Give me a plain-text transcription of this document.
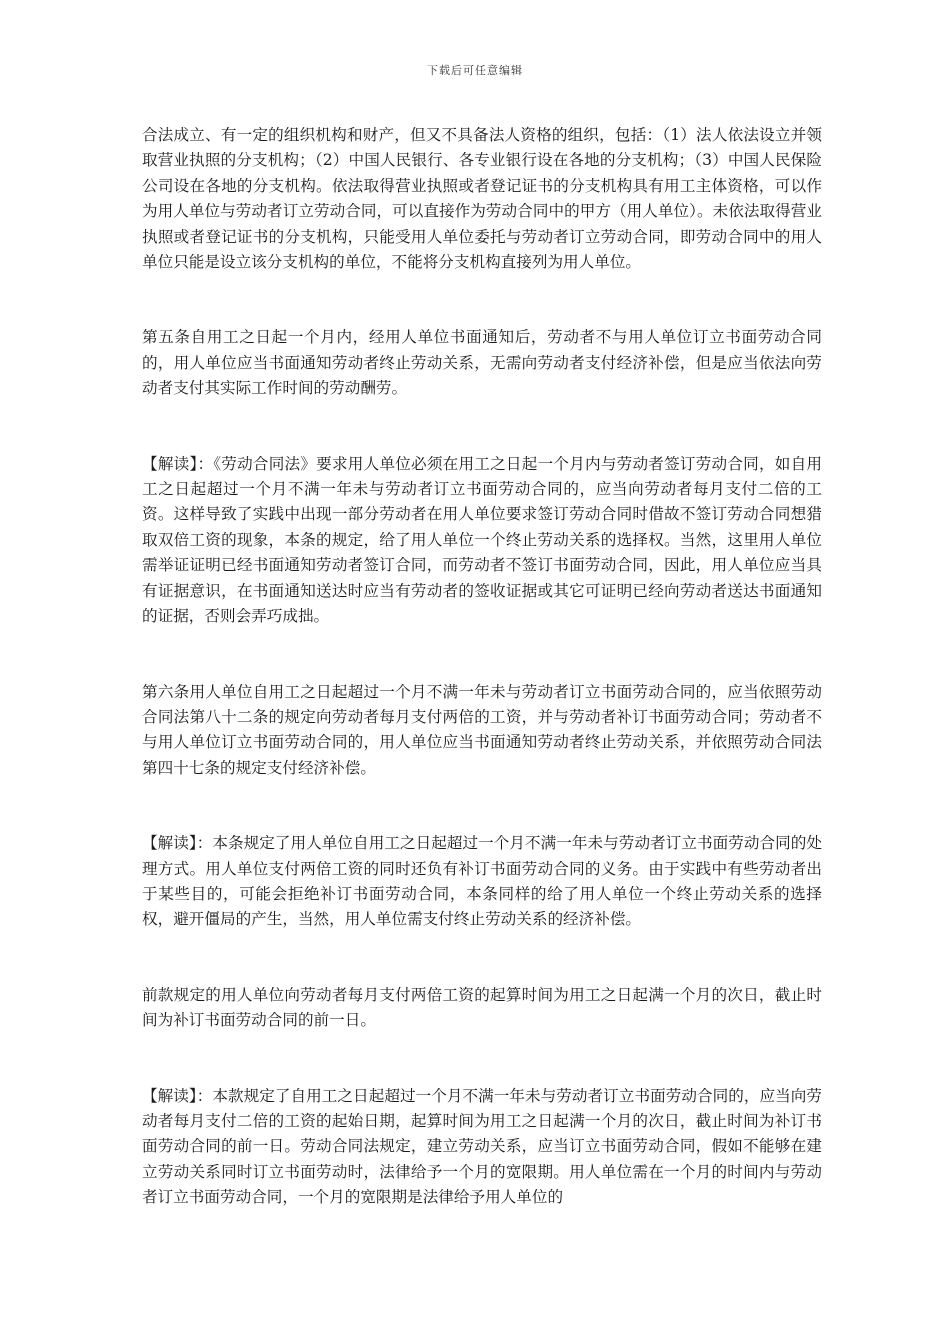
下载后可任意编辑

合法成立、有一定的组织机构和财产，但又不具备法人资格的组织，包括：（1）法人依法设立并领取营业执照的分支机构；（2）中国人民银行、各专业银行设在各地的分支机构；（3）中国人民保险公司设在各地的分支机构。依法取得营业执照或者登记证书的分支机构具有用工主体资格，可以作为用人单位与劳动者订立劳动合同，可以直接作为劳动合同中的甲方（用人单位）。未依法取得营业执照或者登记证书的分支机构，只能受用人单位委托与劳动者订立劳动合同，即劳动合同中的用人单位只能是设立该分支机构的单位，不能将分支机构直接列为用人单位。

第五条自用工之日起一个月内，经用人单位书面通知后，劳动者不与用人单位订立书面劳动合同的，用人单位应当书面通知劳动者终止劳动关系，无需向劳动者支付经济补偿，但是应当依法向劳动者支付其实际工作时间的劳动酬劳。

【解读】：《劳动合同法》要求用人单位必须在用工之日起一个月内与劳动者签订劳动合同，如自用工之日起超过一个月不满一年未与劳动者订立书面劳动合同的，应当向劳动者每月支付二倍的工资。这样导致了实践中出现一部分劳动者在用人单位要求签订劳动合同时借故不签订劳动合同想猎取双倍工资的现象，本条的规定，给了用人单位一个终止劳动关系的选择权。当然，这里用人单位需举证证明已经书面通知劳动者签订合同，而劳动者不签订书面劳动合同，因此，用人单位应当具有证据意识，在书面通知送达时应当有劳动者的签收证据或其它可证明已经向劳动者送达书面通知的证据，否则会弄巧成拙。

第六条用人单位自用工之日起超过一个月不满一年未与劳动者订立书面劳动合同的，应当依照劳动合同法第八十二条的规定向劳动者每月支付两倍的工资，并与劳动者补订书面劳动合同；劳动者不与用人单位订立书面劳动合同的，用人单位应当书面通知劳动者终止劳动关系，并依照劳动合同法第四十七条的规定支付经济补偿。

【解读】：本条规定了用人单位自用工之日起超过一个月不满一年未与劳动者订立书面劳动合同的处理方式。用人单位支付两倍工资的同时还负有补订书面劳动合同的义务。由于实践中有些劳动者出于某些目的，可能会拒绝补订书面劳动合同，本条同样的给了用人单位一个终止劳动关系的选择权，避开僵局的产生，当然，用人单位需支付终止劳动关系的经济补偿。

前款规定的用人单位向劳动者每月支付两倍工资的起算时间为用工之日起满一个月的次日，截止时间为补订书面劳动合同的前一日。

【解读】：本款规定了自用工之日起超过一个月不满一年未与劳动者订立书面劳动合同的，应当向劳动者每月支付二倍的工资的起始日期，起算时间为用工之日起满一个月的次日，截止时间为补订书面劳动合同的前一日。劳动合同法规定，建立劳动关系，应当订立书面劳动合同，假如不能够在建立劳动关系同时订立书面劳动时，法律给予一个月的宽限期。用人单位需在一个月的时间内与劳动者订立书面劳动合同，一个月的宽限期是法律给予用人单位的
